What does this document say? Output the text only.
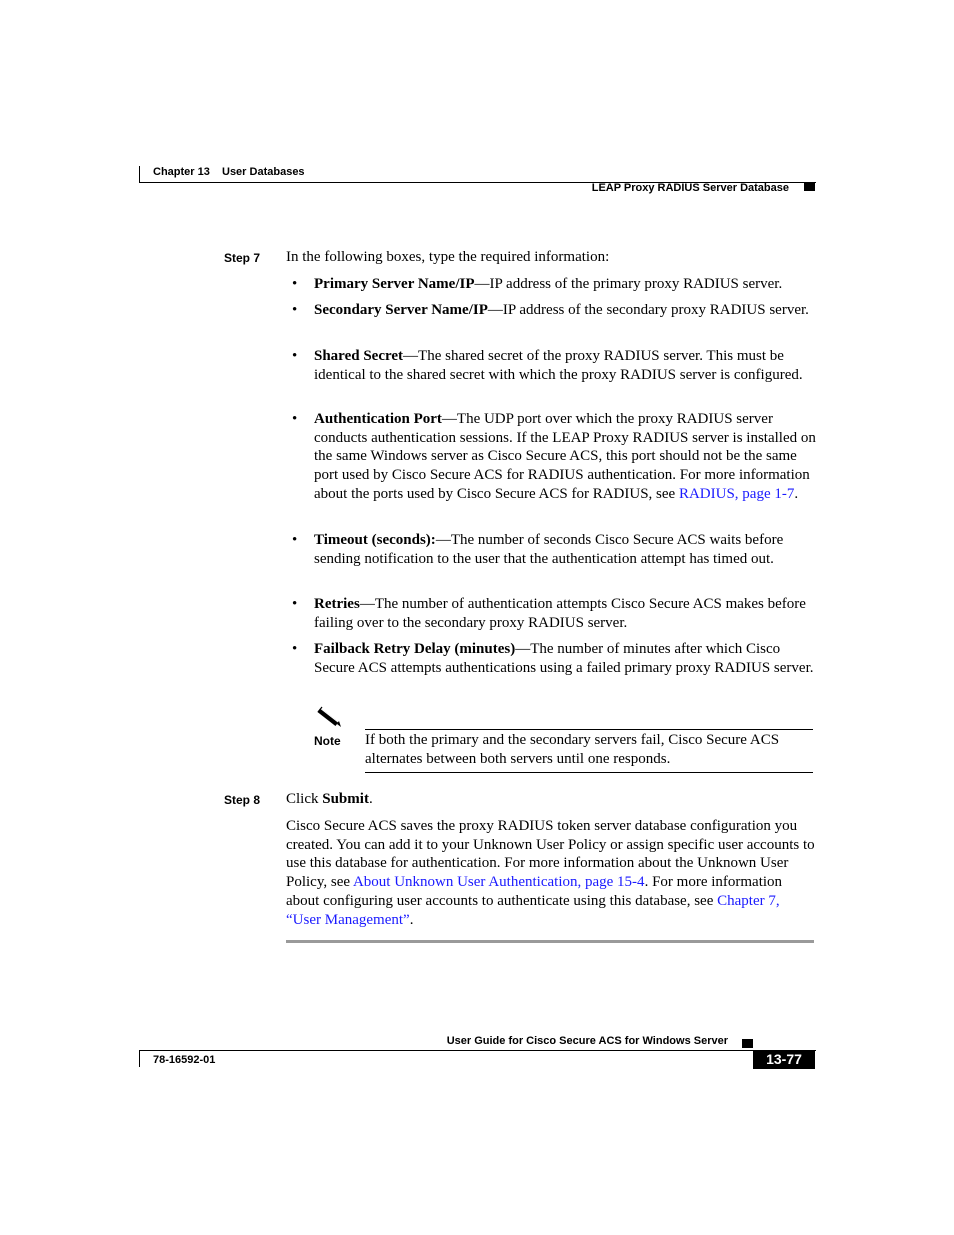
Chapter 13 User Databases
LEAP Proxy RADIUS Server Database
Step 7 In the following boxes, type the required information:
• Primary Server Name/IP—IP address of the primary proxy RADIUS server.
• Secondary Server Name/IP—IP address of the secondary proxy RADIUS server.
• Shared Secret—The shared secret of the proxy RADIUS server. This must be identical to the shared secret with which the proxy RADIUS server is configured.
• Authentication Port—The UDP port over which the proxy RADIUS server conducts authentication sessions. If the LEAP Proxy RADIUS server is installed on the same Windows server as Cisco Secure ACS, this port should not be the same port used by Cisco Secure ACS for RADIUS authentication. For more information about the ports used by Cisco Secure ACS for RADIUS, see RADIUS, page 1-7.
• Timeout (seconds):—The number of seconds Cisco Secure ACS waits before sending notification to the user that the authentication attempt has timed out.
• Retries—The number of authentication attempts Cisco Secure ACS makes before failing over to the secondary proxy RADIUS server.
• Failback Retry Delay (minutes)—The number of minutes after which Cisco Secure ACS attempts authentications using a failed primary proxy RADIUS server.
Note If both the primary and the secondary servers fail, Cisco Secure ACS alternates between both servers until one responds.
Step 8 Click Submit.
Cisco Secure ACS saves the proxy RADIUS token server database configuration you created. You can add it to your Unknown User Policy or assign specific user accounts to use this database for authentication. For more information about the Unknown User Policy, see About Unknown User Authentication, page 15-4. For more information about configuring user accounts to authenticate using this database, see Chapter 7, “User Management”.
User Guide for Cisco Secure ACS for Windows Server
78-16592-01	13-77
